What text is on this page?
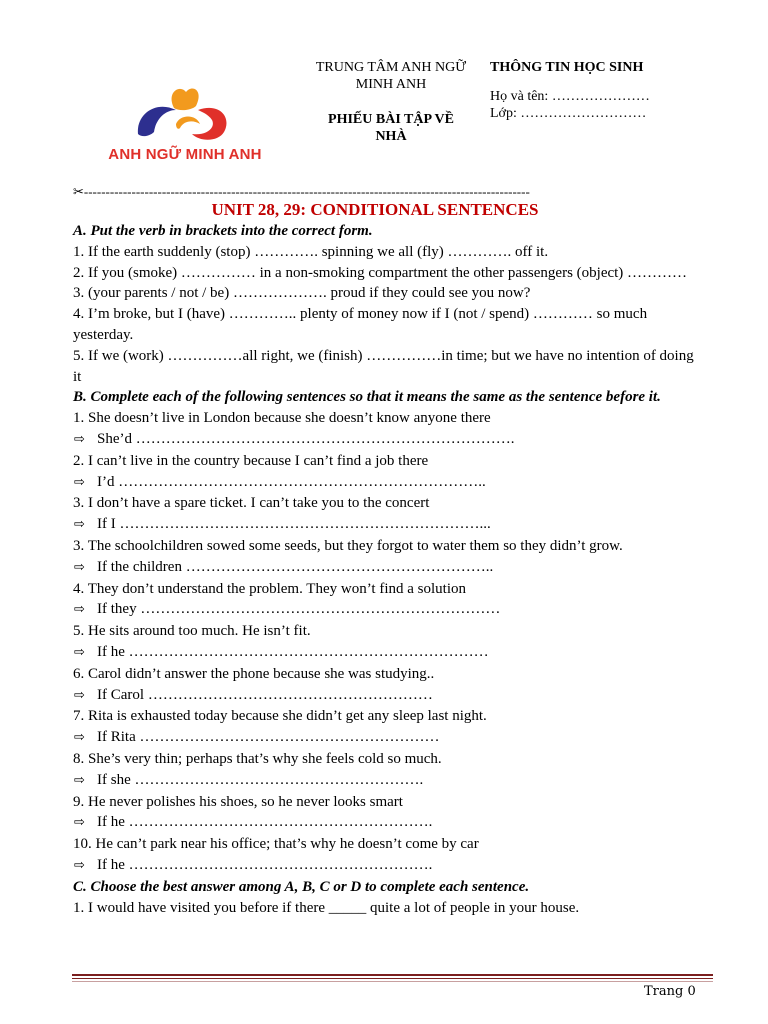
ANH NGỮ MINH ANH
TRUNG TÂM ANH NGỮ
MINH ANH
PHIẾU BÀI TẬP VỀ
NHÀ
THÔNG TIN HỌC SINH
Họ và tên: …………………
Lớp: ………………………
✂-------------------------------------------------------------------------------------------------------

UNIT 28, 29: CONDITIONAL SENTENCES

A. Put the verb in brackets into the correct form.

1. If the earth suddenly (stop) …………. spinning we all (fly) …………. off it.

2. If you (smoke) …………… in a non-smoking compartment the other passengers (object) …………

3. (your parents / not / be) ………………. proud if they could see you now?

4. I’m broke, but I (have) ………….. plenty of money now if I (not / spend) ………… so much yesterday.

5. If we (work) ……………all right, we (finish) ……………in time; but we have no intention of doing it

B. Complete each of the following sentences so that it means the same as the sentence before it.

1. She doesn’t live in London because she doesn’t know anyone there

⇨ She’d ………………………………………………………………….

2. I can’t live in the country because I can’t find a job there

⇨ I’d ………………………………………………………………..

3. I don’t have a spare ticket. I can’t take you to the concert

⇨ If I ………………………………………………………………...

3. The schoolchildren sowed some seeds, but they forgot to water them so they didn’t grow.

⇨ If the children ……………………………………………………..

4. They don’t understand the problem. They won’t find a solution

⇨ If they ………………………………………………………………

5. He sits around too much. He isn’t fit.

⇨ If he ………………………………………………………………

6. Carol didn’t answer the phone because she was studying..

⇨ If Carol …………………………………………………

7. Rita is exhausted today because she didn’t get any sleep last night.

⇨ If Rita ……………………………………………………

8. She’s very thin; perhaps that’s why she feels cold so much.

⇨ If she ………………………………………………….

9. He never polishes his shoes, so he never looks smart

⇨ If he …………………………………………………….

10. He can’t park near his office; that’s why he doesn’t come by car

⇨ If he …………………………………………………….

C. Choose the best answer among A, B, C or D to complete each sentence.

1. I would have visited you before if there _____ quite a lot of people in your house.

Trang 0
